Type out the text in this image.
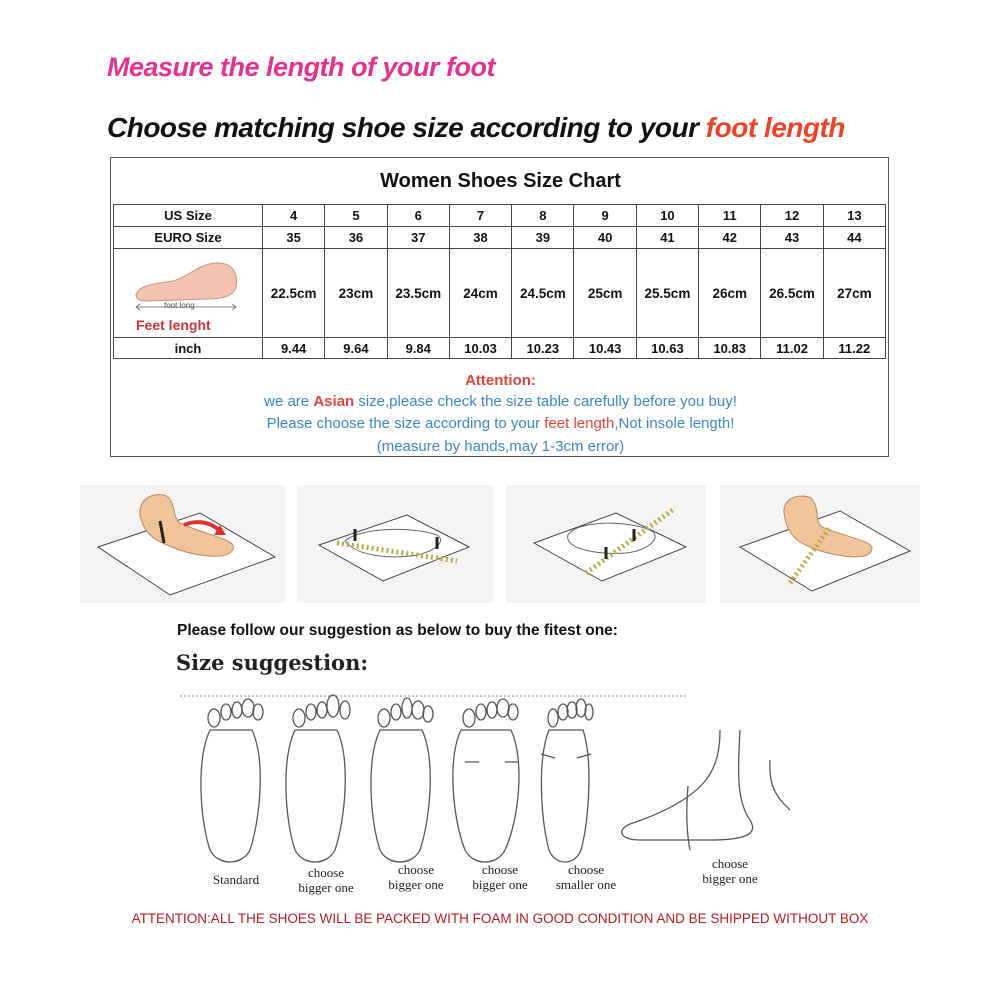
Measure the length of your foot
Choose matching shoe size according to your foot length
Women Shoes Size Chart
US Size	4	5	6	7	8	9	10	11	12	13
EURO Size	35	36	37	38	39	40	41	42	43	44

foot long
Feet lenght	22.5cm	23cm	23.5cm	24cm	24.5cm	25cm	25.5cm	26cm	26.5cm	27cm
inch	9.44	9.64	9.84	10.03	10.23	10.43	10.63	10.83	11.02	11.22
Attention:
we are Asian size,please check the size table carefully before you buy!
Please choose the size according to your feet length,Not insole length!
(measure by hands,may 1-3cm error)
Please follow our suggestion as below to buy the fitest one:
Size suggestion:
Standard	choose
bigger one
choose
bigger one
choose
bigger one
choose
smaller one
choose
bigger one
ATTENTION:ALL THE SHOES WILL BE PACKED WITH FOAM IN GOOD CONDITION AND BE SHIPPED WITHOUT BOX
